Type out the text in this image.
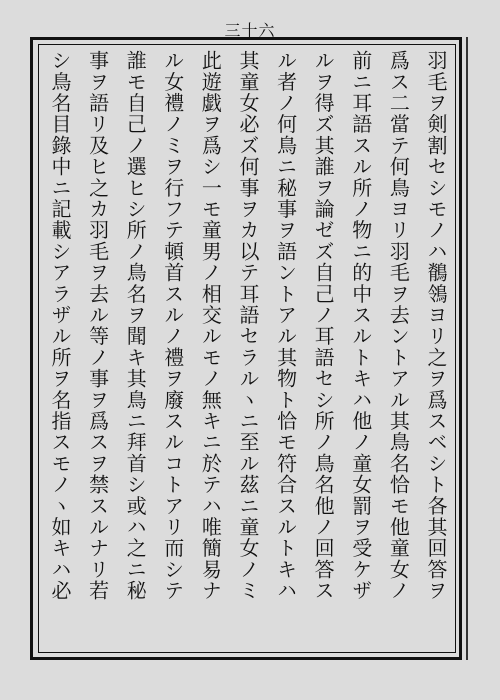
三十六
羽毛ヲ剣割セシモノハ鶺鴒ヨリ之ヲ爲スベシト各其回答ヲ
爲ス二當テ何鳥ヨリ羽毛ヲ去ントアル其鳥名恰モ他童女ノ
前ニ耳語スル所ノ物ニ的中スルトキハ他ノ童女罰ヲ受ケザ
ルヲ得ズ其誰ヲ論ゼズ自己ノ耳語セシ所ノ鳥名他ノ回答ス
ル者ノ何鳥ニ秘事ヲ語ントアル其物ト恰モ符合スルトキハ
其童女必ズ何事ヲカ以テ耳語セラルヽニ至ル茲ニ童女ノミ
此遊戯ヲ爲シ一モ童男ノ相交ルモノ無キニ於テハ唯簡易ナ
ル女禮ノミヲ行フテ頓首スルノ禮ヲ廢スルコトアリ而シテ
誰モ自己ノ選ヒシ所ノ鳥名ヲ聞キ其鳥ニ拜首シ或ハ之ニ秘
事ヲ語リ及ヒ之カ羽毛ヲ去ル等ノ事ヲ爲スヲ禁スルナリ若
シ鳥名目錄中ニ記載シアラザル所ヲ名指スモノヽ如キハ必
